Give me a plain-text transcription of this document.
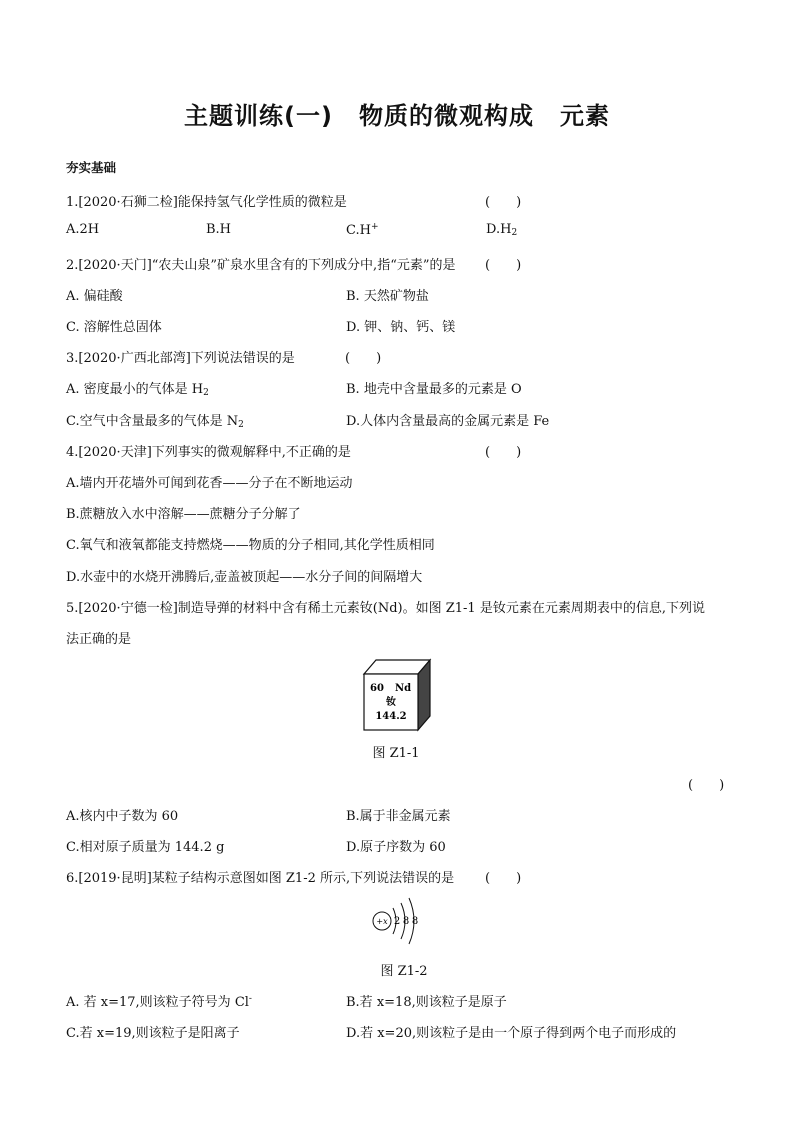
主题训练(一) 物质的微观构成 元素
夯实基础
1.[2020·石狮二检]能保持氢气化学性质的微粒是	(　　)
A.2H	B.H	C.H+	$D.H_2$
2.[2020·天门]“农夫山泉”矿泉水里含有的下列成分中,指“元素”的是 (　　)
A. 偏硅酸	B. 天然矿物盐
C. 溶解性总固体	D. 钾、钠、钙、镁
3.[2020·广西北部湾]下列说法错误的是	(　　)
A. 密度最小的气体是 $H_2$	B. 地壳中含量最多的元素是 O
C.空气中含量最多的气体是 $N_2$	D.人体内含量最高的金属元素是 Fe
4.[2020·天津]下列事实的微观解释中,不正确的是	(　　)
A.墙内开花墙外可闻到花香——分子在不断地运动
B.蔗糖放入水中溶解——蔗糖分子分解了
C.氧气和液氧都能支持燃烧——物质的分子相同,其化学性质相同
D.水壶中的水烧开沸腾后,壶盖被顶起——水分子间的间隔增大
5.[2020·宁德一检]制造导弹的材料中含有稀土元素钕(Nd)。如图 Z1-1 是钕元素在元素周期表中的信息,下列说
法正确的是
60 Nd
钕
144.2
图 Z1-1
(　　)
A.核内中子数为 60	B.属于非金属元素
C.相对原子质量为 144.2 g	D.原子序数为 60
6.[2019·昆明]某粒子结构示意图如图 Z1-2 所示,下列说法错误的是 (　　)
+x 2 8 8
图 Z1-2
A. 若 x=17,则该粒子符号为 Cl-	B.若 x=18,则该粒子是原子
C.若 x=19,则该粒子是阳离子	D.若 x=20,则该粒子是由一个原子得到两个电子而形成的
